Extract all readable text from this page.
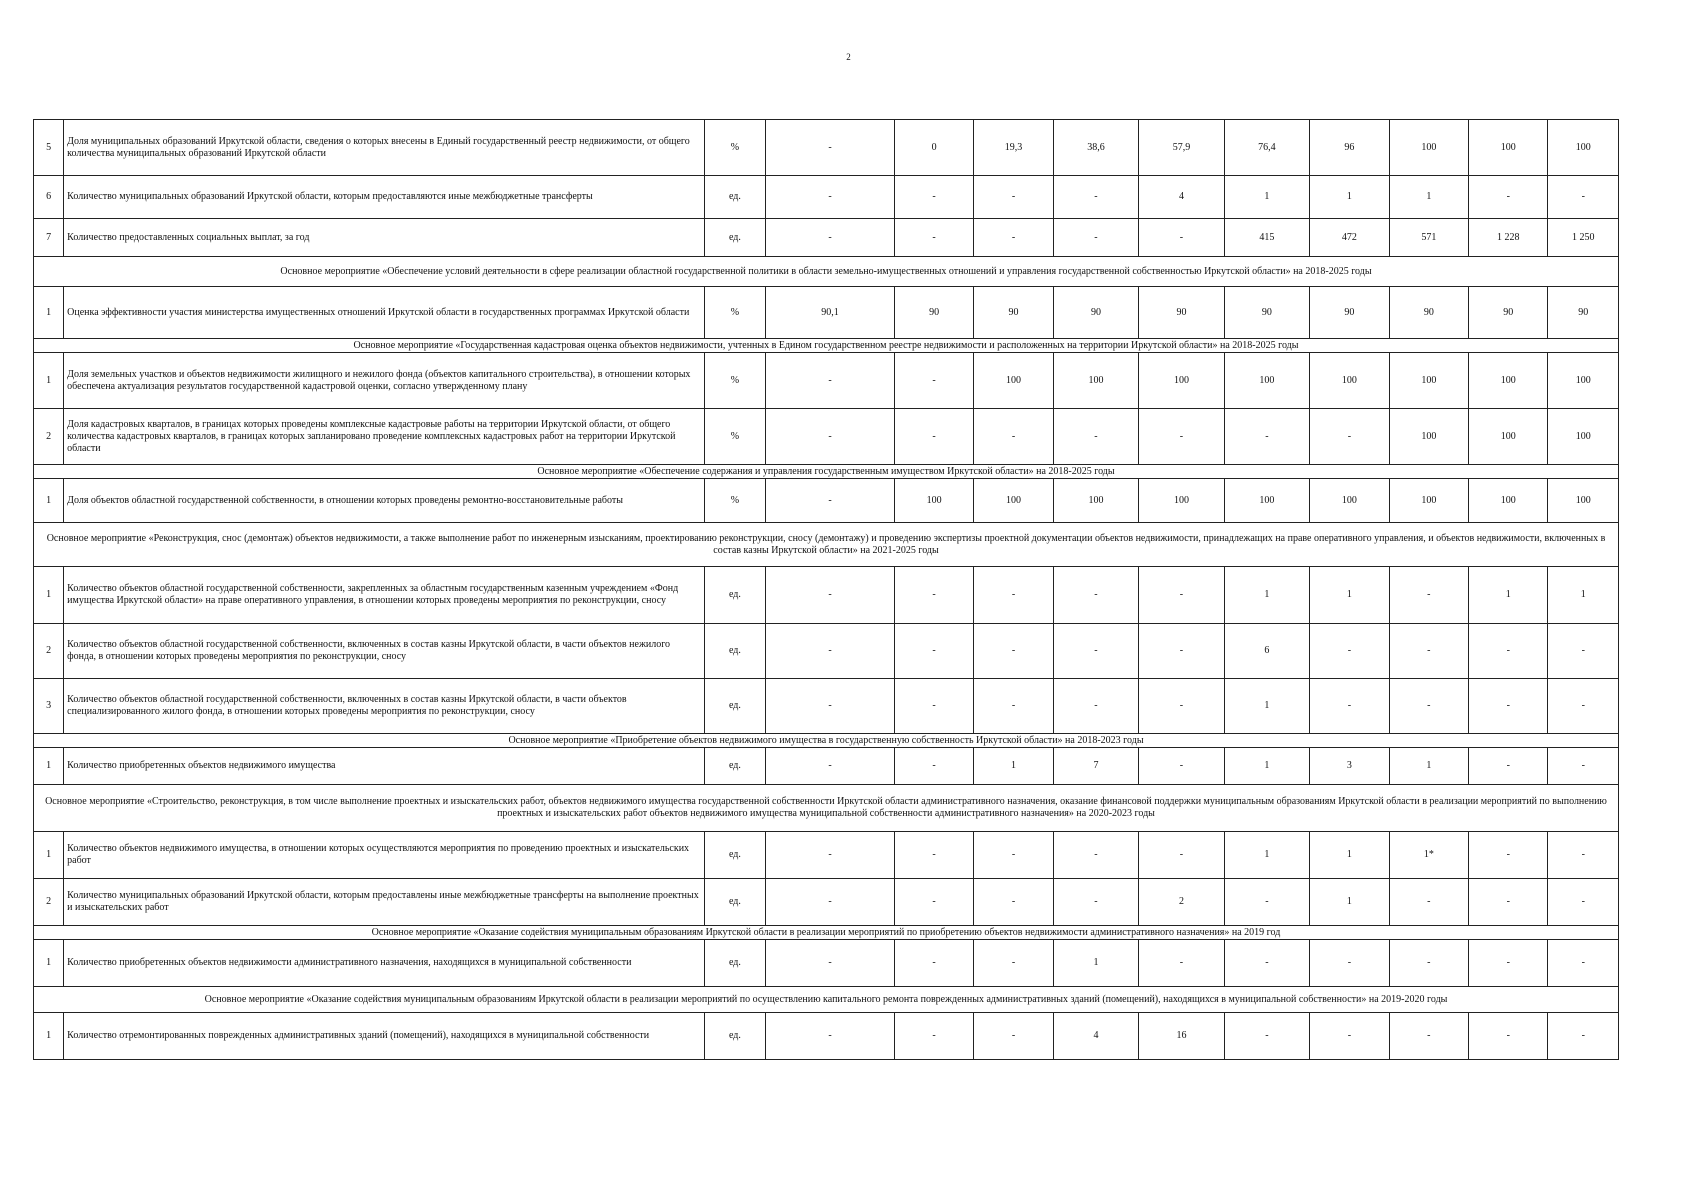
2
5	Доля муниципальных образований Иркутской области, сведения о которых внесены в Единый государственный реестр недвижимости, от общего количества муниципальных образований Иркутской области	%	-	0	19,3	38,6	57,9	76,4	96	100	100	100
6	Количество муниципальных образований Иркутской области, которым предоставляются иные межбюджетные трансферты	ед.	-	-	-	-	4	1	1	1	-	-
7	Количество предоставленных социальных выплат, за год	ед.	-	-	-	-	-	415	472	571	1 228	1 250
Основное мероприятие «Обеспечение условий деятельности в сфере реализации областной государственной политики в области земельно-имущественных отношений и управления государственной собственностью Иркутской области» на 2018-2025 годы												
1	Оценка эффективности участия министерства имущественных отношений Иркутской области в государственных программах Иркутской области	%	90,1	90	90	90	90	90	90	90	90	90
Основное мероприятие «Государственная кадастровая оценка объектов недвижимости, учтенных в Едином государственном реестре недвижимости и расположенных на территории Иркутской области» на 2018-2025 годы												
1	Доля земельных участков и объектов недвижимости жилищного и нежилого фонда (объектов капитального строительства), в отношении которых обеспечена актуализация результатов государственной кадастровой оценки, согласно утвержденному плану	%	-	-	100	100	100	100	100	100	100	100
2	Доля кадастровых кварталов, в границах которых проведены комплексные кадастровые работы на территории Иркутской области, от общего количества кадастровых кварталов, в границах которых запланировано проведение комплексных кадастровых работ на территории Иркутской области	%	-	-	-	-	-	-	-	100	100	100
Основное мероприятие «Обеспечение содержания и управления государственным имуществом Иркутской области» на 2018-2025 годы												
1	Доля объектов областной государственной собственности, в отношении которых проведены ремонтно-восстановительные работы	%	-	100	100	100	100	100	100	100	100	100
Основное мероприятие «Реконструкция, снос (демонтаж) объектов недвижимости, а также выполнение работ по инженерным изысканиям, проектированию реконструкции, сносу (демонтажу) и проведению экспертизы проектной документации объектов недвижимости, принадлежащих на праве оперативного управления, и объектов недвижимости, включенных в состав казны Иркутской области» на 2021-2025 годы												
1	Количество объектов областной государственной собственности, закрепленных за областным государственным казенным учреждением «Фонд имущества Иркутской области» на праве оперативного управления, в отношении которых проведены мероприятия по реконструкции, сносу	ед.	-	-	-	-	-	1	1	-	1	1
2	Количество объектов областной государственной собственности, включенных в состав казны Иркутской области, в части объектов нежилого фонда, в отношении которых проведены мероприятия по реконструкции, сносу	ед.	-	-	-	-	-	6	-	-	-	-
3	Количество объектов областной государственной собственности, включенных в состав казны Иркутской области, в части объектов специализированного жилого фонда, в отношении которых проведены мероприятия по реконструкции, сносу	ед.	-	-	-	-	-	1	-	-	-	-
Основное мероприятие «Приобретение объектов недвижимого имущества в государственную собственность Иркутской области» на 2018-2023 годы												
1	Количество приобретенных объектов недвижимого имущества	ед.	-	-	1	7	-	1	3	1	-	-
Основное мероприятие «Строительство, реконструкция, в том числе выполнение проектных и изыскательских работ, объектов недвижимого имущества государственной собственности Иркутской области административного назначения, оказание финансовой поддержки муниципальным образованиям Иркутской области в реализации мероприятий по выполнению проектных и изыскательских работ объектов недвижимого имущества муниципальной собственности административного назначения» на 2020-2023 годы												
1	Количество объектов недвижимого имущества, в отношении которых осуществляются мероприятия по проведению проектных и изыскательских работ	ед.	-	-	-	-	-	1	1	1*	-	-
2	Количество муниципальных образований Иркутской области, которым предоставлены иные межбюджетные трансферты на выполнение проектных и изыскательских работ	ед.	-	-	-	-	2	-	1	-	-	-
Основное мероприятие «Оказание содействия муниципальным образованиям Иркутской области в реализации мероприятий по приобретению объектов недвижимости административного назначения» на 2019 год												
1	Количество приобретенных объектов недвижимости административного назначения, находящихся в муниципальной собственности	ед.	-	-	-	1	-	-	-	-	-	-
Основное мероприятие «Оказание содействия муниципальным образованиям Иркутской области в реализации мероприятий по осуществлению капитального ремонта поврежденных административных зданий (помещений), находящихся в муниципальной собственности» на 2019-2020 годы												
1	Количество отремонтированных поврежденных административных зданий (помещений), находящихся в муниципальной собственности	ед.	-	-	-	4	16	-	-	-	-	-
